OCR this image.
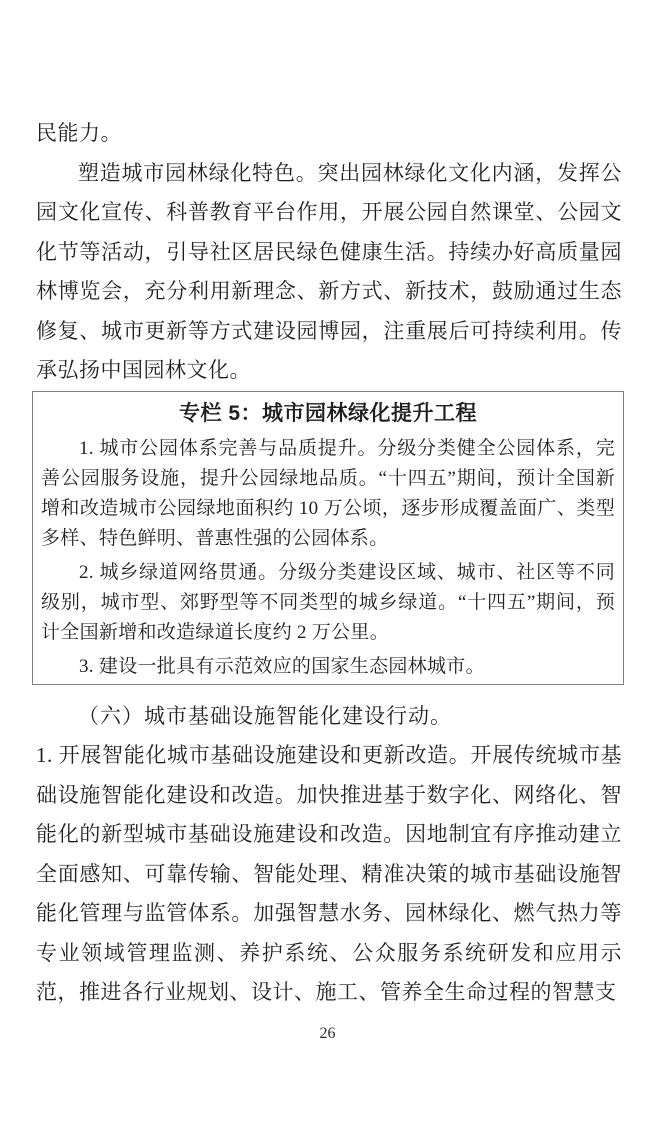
民能力。

塑造城市园林绿化特色。突出园林绿化文化内涵，发挥公园文化宣传、科普教育平台作用，开展公园自然课堂、公园文化节等活动，引导社区居民绿色健康生活。持续办好高质量园林博览会，充分利用新理念、新方式、新技术，鼓励通过生态修复、城市更新等方式建设园博园，注重展后可持续利用。传承弘扬中国园林文化。

专栏 5：城市园林绿化提升工程

1. 城市公园体系完善与品质提升。分级分类健全公园体系，完善公园服务设施，提升公园绿地品质。“十四五”期间，预计全国新增和改造城市公园绿地面积约 10 万公顷，逐步形成覆盖面广、类型多样、特色鲜明、普惠性强的公园体系。

2. 城乡绿道网络贯通。分级分类建设区域、城市、社区等不同级别，城市型、郊野型等不同类型的城乡绿道。“十四五”期间，预计全国新增和改造绿道长度约 2 万公里。

3. 建设一批具有示范效应的国家生态园林城市。

（六）城市基础设施智能化建设行动。

1. 开展智能化城市基础设施建设和更新改造。开展传统城市基础设施智能化建设和改造。加快推进基于数字化、网络化、智能化的新型城市基础设施建设和改造。因地制宜有序推动建立全面感知、可靠传输、智能处理、精准决策的城市基础设施智能化管理与监管体系。加强智慧水务、园林绿化、燃气热力等专业领域管理监测、养护系统、公众服务系统研发和应用示范，推进各行业规划、设计、施工、管养全生命过程的智慧支

26
